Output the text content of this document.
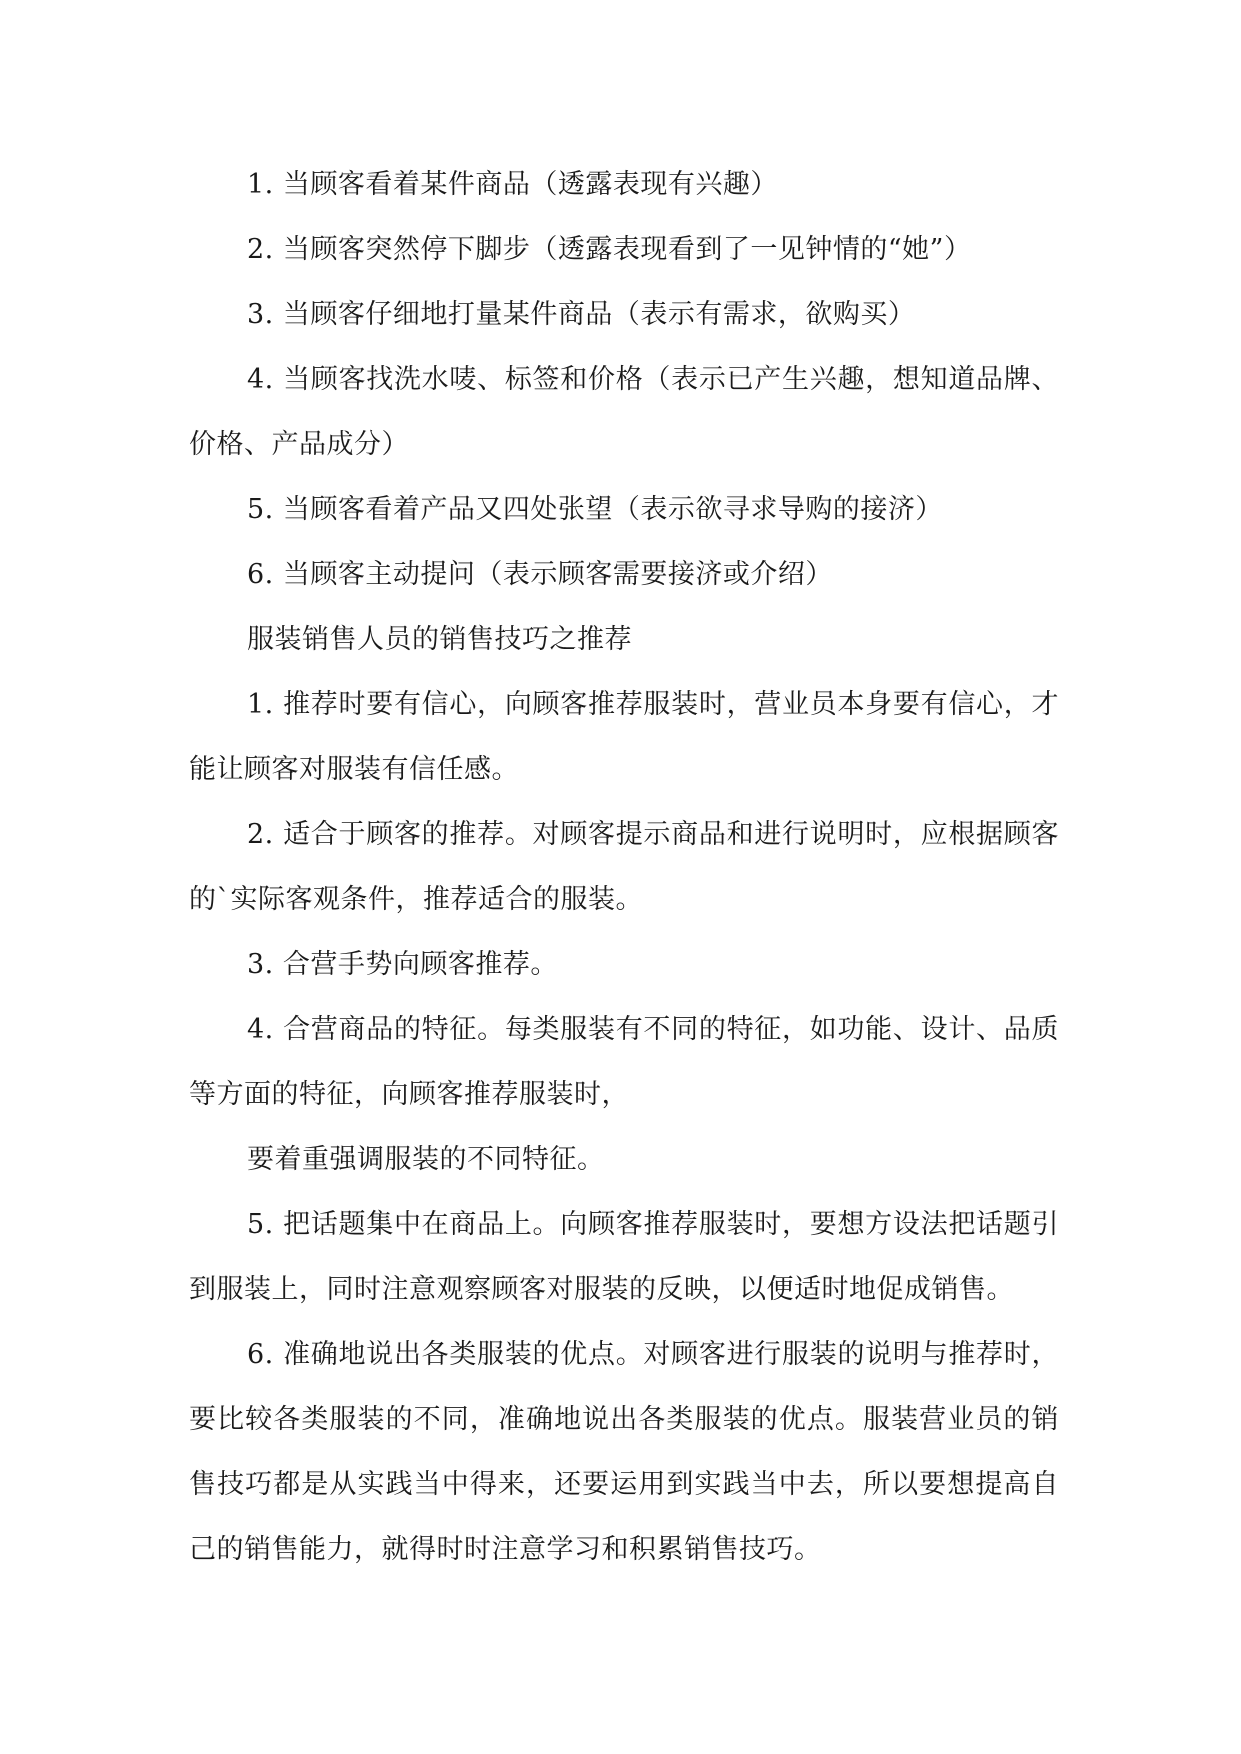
1. 当顾客看着某件商品（透露表现有兴趣）

2. 当顾客突然停下脚步（透露表现看到了一见钟情的“她”）

3. 当顾客仔细地打量某件商品（表示有需求，欲购买）

4. 当顾客找洗水唛、标签和价格（表示已产生兴趣，想知道品牌、价格、产品成分）

5. 当顾客看着产品又四处张望（表示欲寻求导购的接济）

6. 当顾客主动提问（表示顾客需要接济或介绍）

服装销售人员的销售技巧之推荐

1. 推荐时要有信心，向顾客推荐服装时，营业员本身要有信心，才能让顾客对服装有信任感。

2. 适合于顾客的推荐。对顾客提示商品和进行说明时，应根据顾客的`实际客观条件，推荐适合的服装。

3. 合营手势向顾客推荐。

4. 合营商品的特征。每类服装有不同的特征，如功能、设计、品质等方面的特征，向顾客推荐服装时，

要着重强调服装的不同特征。

5. 把话题集中在商品上。向顾客推荐服装时，要想方设法把话题引到服装上，同时注意观察顾客对服装的反映，以便适时地促成销售。

6. 准确地说出各类服装的优点。对顾客进行服装的说明与推荐时，要比较各类服装的不同，准确地说出各类服装的优点。服装营业员的销售技巧都是从实践当中得来，还要运用到实践当中去，所以要想提高自己的销售能力，就得时时注意学习和积累销售技巧。
